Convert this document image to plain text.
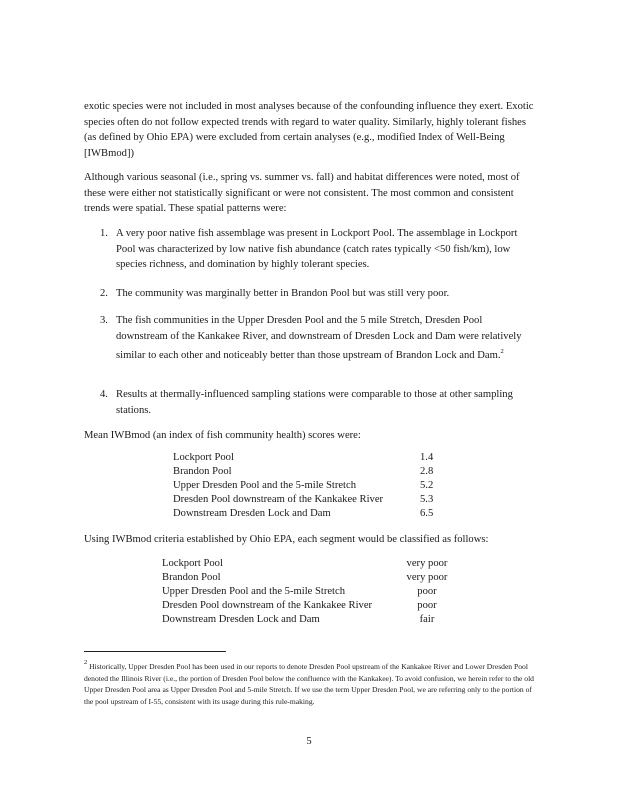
exotic species were not included in most analyses because of the confounding influence they exert. Exotic species often do not follow expected trends with regard to water quality. Similarly, highly tolerant fishes (as defined by Ohio EPA) were excluded from certain analyses (e.g., modified Index of Well-Being [IWBmod])

Although various seasonal (i.e., spring vs. summer vs. fall) and habitat differences were noted, most of these were either not statistically significant or were not consistent. The most common and consistent trends were spatial. These spatial patterns were:

1. A very poor native fish assemblage was present in Lockport Pool. The assemblage in Lockport Pool was characterized by low native fish abundance (catch rates typically <50 fish/km), low species richness, and domination by highly tolerant species.
2. The community was marginally better in Brandon Pool but was still very poor.
3. The fish communities in the Upper Dresden Pool and the 5 mile Stretch, Dresden Pool downstream of the Kankakee River, and downstream of Dresden Lock and Dam were relatively similar to each other and noticeably better than those upstream of Brandon Lock and Dam.$^2$
4. Results at thermally-influenced sampling stations were comparable to those at other sampling stations.

Mean IWBmod (an index of fish community health) scores were:

Lockport Pool	1.4
Brandon Pool	2.8
Upper Dresden Pool and the 5-mile Stretch	5.2
Dresden Pool downstream of the Kankakee River	5.3
Downstream Dresden Lock and Dam	6.5

Using IWBmod criteria established by Ohio EPA, each segment would be classified as follows:

Lockport Pool	very poor
Brandon Pool	very poor
Upper Dresden Pool and the 5-mile Stretch	poor
Dresden Pool downstream of the Kankakee River	poor
Downstream Dresden Lock and Dam	fair

$^2$ Historically, Upper Dresden Pool has been used in our reports to denote Dresden Pool upstream of the Kankakee River and Lower Dresden Pool denoted the Illinois River (i.e., the portion of Dresden Pool below the confluence with the Kankakee). To avoid confusion, we herein refer to the old Upper Dresden Pool area as Upper Dresden Pool and 5-mile Stretch. If we use the term Upper Dresden Pool, we are referring only to the portion of the pool upstream of I-55, consistent with its usage during this rule-making.

5
